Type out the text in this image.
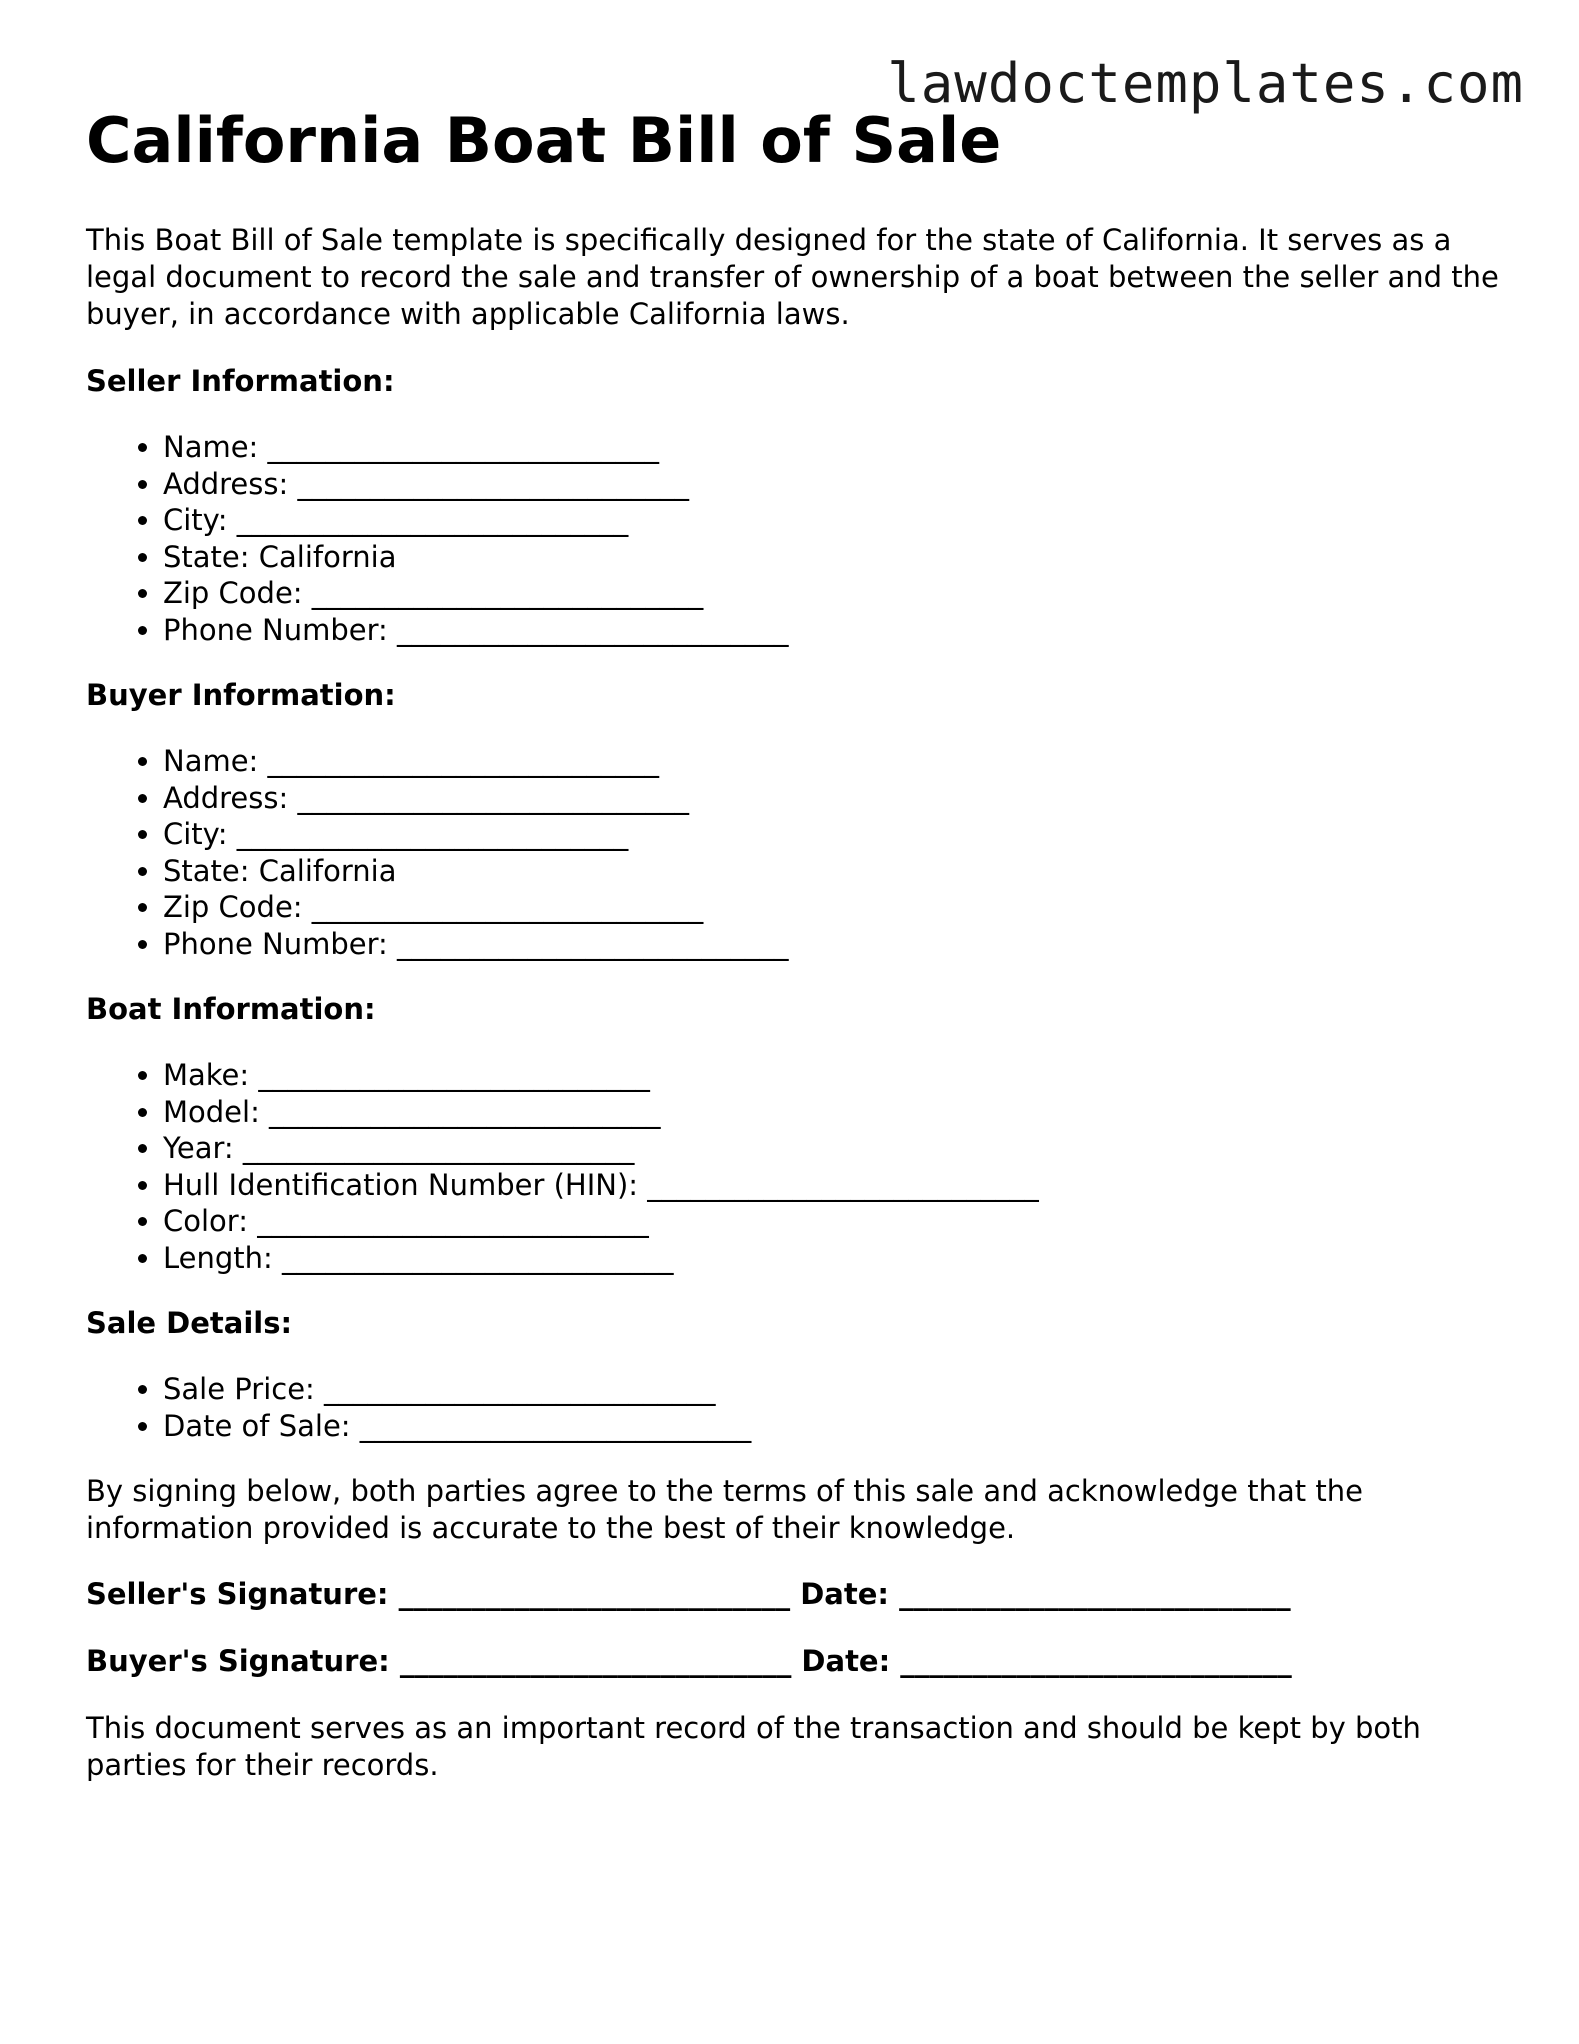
lawdoctemplates.com
California Boat Bill of Sale

This Boat Bill of Sale template is specifically designed for the state of California. It serves as a legal document to record the sale and transfer of ownership of a boat between the seller and the buyer, in accordance with applicable California laws.

Seller Information:
• Name: ___________________________
• Address: ___________________________
• City: ___________________________
• State: California
• Zip Code: ___________________________
• Phone Number: ___________________________
Buyer Information:
• Name: ___________________________
• Address: ___________________________
• City: ___________________________
• State: California
• Zip Code: ___________________________
• Phone Number: ___________________________
Boat Information:
• Make: ___________________________
• Model: ___________________________
• Year: ___________________________
• Hull Identification Number (HIN): ___________________________
• Color: ___________________________
• Length: ___________________________
Sale Details:
• Sale Price: ___________________________
• Date of Sale: ___________________________

By signing below, both parties agree to the terms of this sale and acknowledge that the information provided is accurate to the best of their knowledge.

Seller's Signature: ___________________________ Date: ___________________________
Buyer's Signature: ___________________________ Date: ___________________________

This document serves as an important record of the transaction and should be kept by both parties for their records.
